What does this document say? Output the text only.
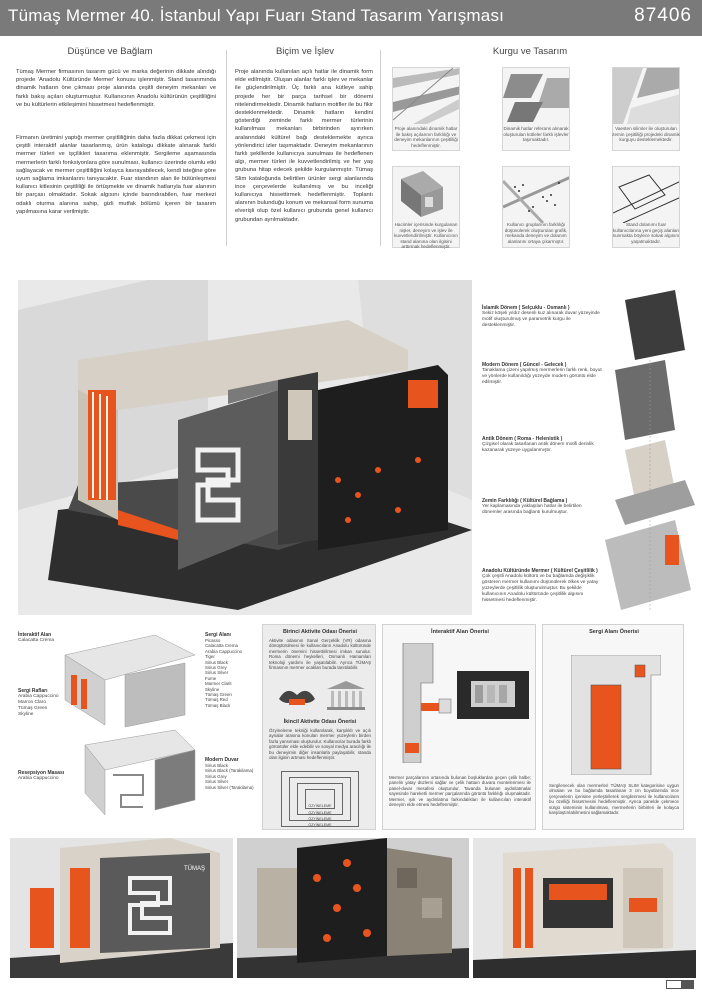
Tümaş Mermer 40. İstanbul Yapı Fuarı Stand Tasarım Yarışması	87406
Düşünce ve Bağlam
Tümaş Mermer firmasının tasarım gücü ve marka değerinin dikkate alındığı projede 'Anadolu Kültüründe Mermer' konusu işlenmiştir. Stand tasarımında dinamik hatların öne çıkması proje alanında çeşitli deneyim mekanları ve farklı bakış açıları oluşturmuştur. Kullanıcının Anadolu kültürünün çeşitliliğini ve bu kültürlerin etkileşimini hissetmesi hedeflenmiştir.
Firmanın üretimini yaptığı mermer çeşitliliğinin daha fazla dikkat çekmesi için çeşitli interaktif alanlar tasarlanmış, ürün katalogu dikkate alınarak farklı mermer türleri ve işçilikleri tasarıma eklenmiştir. Sergileme aşamasında mermerlerin farklı fonksiyonlara göre sunulması, kullanıcı üzerinde olumlu etki sağlayacak ve mermer çeşitliliğini kolayca kavrayabilecek, kendi isteğine göre uyum sağlama imkanlarını tanıyacaktır. Fuar standının alan ile bütünleşmesi kullanıcı kitlesinin çeşitliliği ile örtüşmekte ve dinamik hatlarıyla fuar alanının bir parçası olmaktadır. Sokak algısını içinde barındırabilen, fuar merkezi odaklı oturma alanına sahip, gizli mutfak bölümü içeren bir tasarım yapılmasına karar verilmiştir.
Biçim ve İşlev
Proje alanında kullanılan açılı hatlar ile dinamik form elde edilmiştir. Oluşan alanlar farklı işlev ve mekanlar ile güçlendirilmiştir. Üç farklı ana kütleye sahip projede her bir parça tarihsel bir dönemi nitelendirmektedir. Dinamik hatların motifler ile bu fikir desteklenmektedir. Dinamik hatların kendini gösterdiği zeminde farklı mermer türlerinin kullanılması mekanları birbirinden ayırırken aralarındaki kültürel bağı desteklemekte ayrıca yönlendirici izler taşımaktadır. Deneyim mekanlarının farklı şekillerde kullanıcıya sunulması ile hedeflenen algı, mermer türleri ile kuvvetlendirilmiş ve her yaş grubuna hitap edecek şekilde kurgulanmıştır. Tümaş Slim kataloğunda belirtilen ürünler sergi alanlarında ince çerçevelerde kullanılmış ve bu inceliği kullanıcıya hissettirmek hedeflenmiştir. Toplantı alanının bulunduğu konum ve mekansal form sunuma elverişli olup özel kullanıcı grubunda genel kullanıcı grubundan ayrılmaktadır.
Kurgu ve Tasarım
Proje alanındaki dinamik hatlar ile bakış açılarının farklılığı ve deneyim mekanlarının çeşitliliği hedeflenmiştir.
Dinamik hatlar referans alınarak oluşturulan kütleler farklı işlevler taşımaktadır.
Vaesten silimler ile oluşturulan zemin çeşitliliği projedeki dinamik kurguyu desteklemektedir.
Hacimler içerisinde kurgulanan nişler, deneyim ve işlev ile kuvvetlendirilmiştir. Kullanıcının stand alanına olan ilgisini arttırmak hedeflenmiştir.
Kullanıcı gruplarının farklılığı düşünülerek oluşturulan grafik, mekanda deneyim ve dolanım alanlarını ortaya çıkarmıştır.
Stand dolanımı fuar kullanıcılarına yeni geçiş alanları sunmakta böylece sokak algısını yaşatmaktadır.
İslamik Dönem ( Selçuklu - Osmanlı )
Sekiz köşeli yıldız desenli kuz alınarak duvar yüzeyinde motif oluşturulmuş ve parametrik kurgu ile desteklenmiştir.
Modern Dönem ( Güncel - Gelecek )
Tanaklama çizeni yapılmış mermerlerin farklı renk, boyut ve yönlerde kullanıldığı yüzeyde modern görüntü elde edilmiştir.
Antik Dönem ( Roma - Helenistik )
Çizgisel olarak tasarlanan antik dönem motifi derinlik kazanarak yüzeye uygulanmıştır.
Zemin Farklılığı ( Kültürel Bağlama )
Yer kaplamasında yaklaşılan hatlar ile belirtilen dönemler arasında bağlantı kurulmuştur.
Anadolu Kültüründe Mermer ( Kültürel Çeşitlilik )
Çok çeşitli Anadolu kültürü ve bu bağlamda değişiklik gösteren mermer kullanımı düşünülerek ölkes ve yatay yüzeylerde çeşitlilik oluşturulmuştur. Bu şekilde kullanıcının Anadolu kültüründe çeşitlilik algısını hissetmesi hedeflenmiştir.
İnteraktif Alan
Calacatta Crema
Sergi Alanı
Picasso
Calacatta Crema
Arabia Cappuccino
Tiger
Sirius Black
Sirius Grey
Sirius Silver
Fume
Marmer Clarit
Skyline
Tümaş Green
Tümaş Red
Tümaş Black
Sergi Rafları
Arabia Cappuccino
Marron Claro
Tümaş Green
Skyline
Resepsiyon Masası
Arabia Cappuccino
Modern Duvar
Sirius Black
Sirius Black (Tarakilama)
Sirius Grey
Sirius Silver
Sirius Silver (Tarakilama)
Birinci Aktivite Odası Önerisi
Aktivite odasının Sanal Gerçeklik (VR) odasına dönüştürülmesi ile kullanıcıların Anadolu kültüründe mermerin önemini hissettirilmesi imkan sunulur. Roma dönemi heykelleri, Osmanlı Hamamları teknoloji yardımı ile yaşatılabilir. Ayrıca TÜMAŞ firmasının mermer ocakları burada tanıtılabilir.
İkincil Aktivite Odası Önerisi
Özyineleme tekniği kullanılarak, karşılıklı ve açılı aynalar arasına konulan mermer yüzeylerin birden fazla yansıması oluşturulur. Kullanıcılar burada farklı görüntüler elde edebilir ve sosyal medya aracılığı ile bu deneyimin diğer insanlarla paylaşabilir, standa olan ilginin artması hedeflenmiştir.
ÖZYİNELEME
ÖZYİNELEME
ÖZYİNELEME
ÖZYİNELEME
İnteraktif Alan Önerisi
Mermer parçalarının ortasında bulunan boşluklardan geçen çelik halbe; panelin yatay düzlemi sağlar ve çelik hattaın duvara montelenmesi ile panel-duvar mesafesi oluşturulur. Tavanda bulunan aydınlatmalar sayesinde hareketli mermer parçalarında görüntü farklılığı oluşmaktadır. Mermer, ışık ve aydınlatma farkındalıkları ile kullanıcıları interaktif deneyim elde etmesi hedeflenmiştir.
Sergi Alanı Önerisi
Sergilenecek olan mermerleri TÜMAŞ SLIM kategorisine uygun olmaları ve bu bağlamda tasarlanan 3 cm boyutlarında ince çerçevelerin içerisine yerleştirilerek sergilenmesi ile kullanıcıların bu özelliği hissetmesini hedeflenmiştir. Ayrıca panelde çekmece sürgü sisteminin kullanılması, mermerlerin birbirleri ile kolayca karşılaştırılabilmesini sağlamaktadır.
TÜMAŞ
